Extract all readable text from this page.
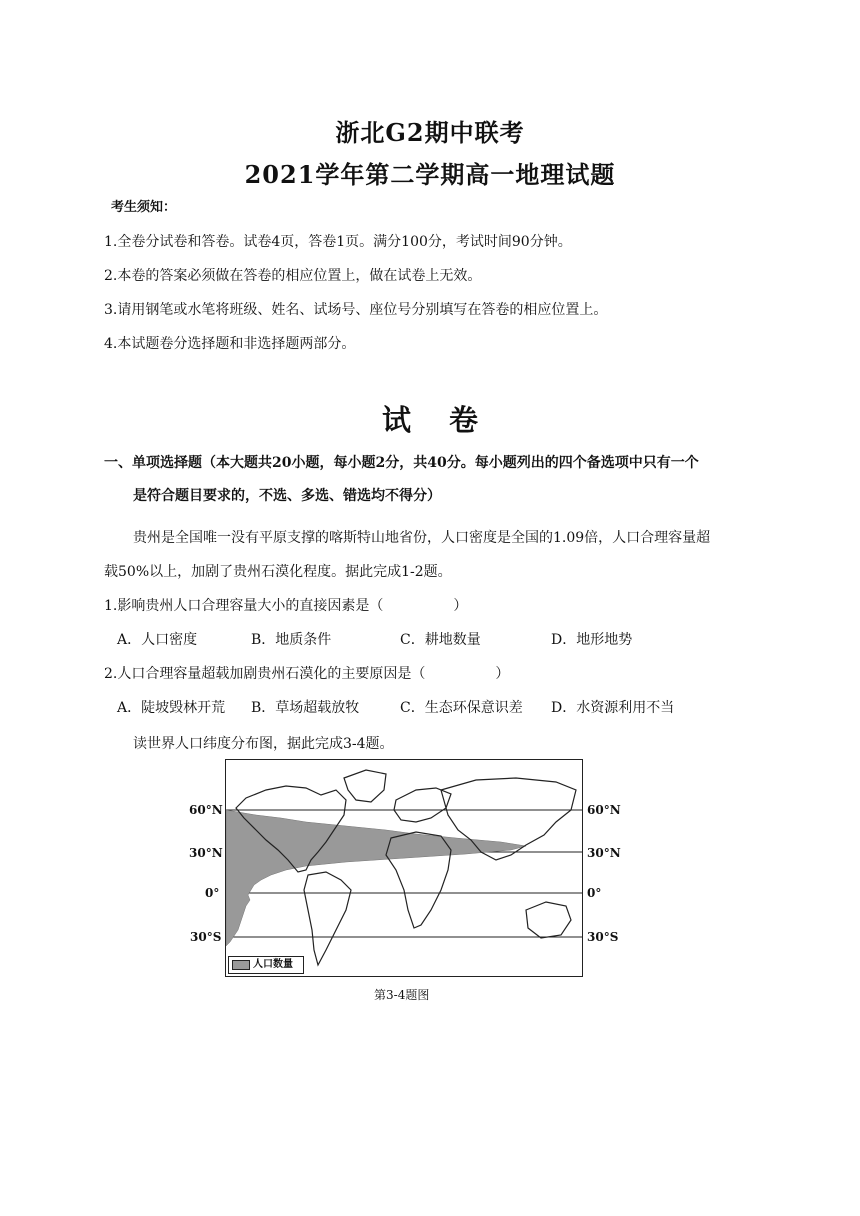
浙北G2期中联考
2021学年第二学期高一地理试题
考生须知：
1.全卷分试卷和答卷。试卷4页，答卷1页。满分100分，考试时间90分钟。
2.本卷的答案必须做在答卷的相应位置上，做在试卷上无效。
3.请用钢笔或水笔将班级、姓名、试场号、座位号分别填写在答卷的相应位置上。
4.本试题卷分选择题和非选择题两部分。
试卷
一、单项选择题（本大题共20小题，每小题2分，共40分。每小题列出的四个备选项中只有一个
是符合题目要求的，不选、多选、错选均不得分）
贵州是全国唯一没有平原支撑的喀斯特山地省份，人口密度是全国的1.09倍，人口合理容量超
载50%以上，加剧了贵州石漠化程度。据此完成1-2题。
1.影响贵州人口合理容量大小的直接因素是（　　　　　）
A．人口密度	B．地质条件	C．耕地数量	D．地形地势
2.人口合理容量超载加剧贵州石漠化的主要原因是（　　　　　）
A．陡坡毁林开荒 B．草场超载放牧	C．生态环保意识差 D．水资源利用不当
读世界人口纬度分布图，据此完成3-4题。
60°N
30°N
0°
30°S
60°N
30°N
0°
30°S
人口数量
第3-4题图
